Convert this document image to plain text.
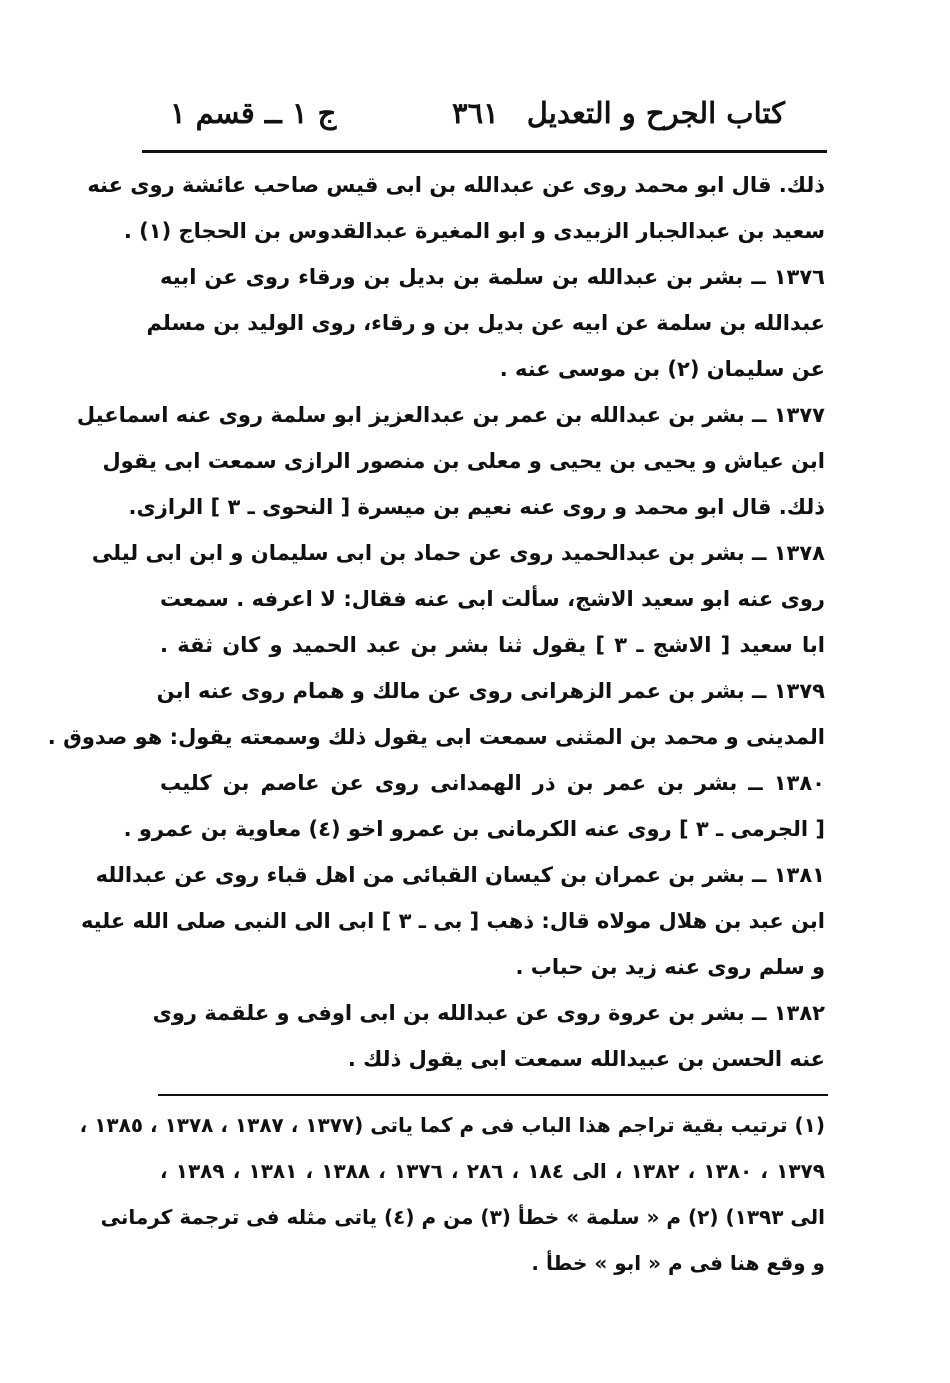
كتاب الجرح و التعديل
٣٦١
ج ١ ــ قسم ١
ذلك. قال ابو محمد روى عن عبدالله بن ابى قيس صاحب عائشة روى عنه
سعيد بن عبدالجبار الزبيدى و ابو المغيرة عبدالقدوس بن الحجاج (١) .
١٣٧٦ ــ بشر بن عبدالله بن سلمة بن بديل بن ورقاء روى عن ابيه
عبدالله بن سلمة عن ابيه عن بديل بن و رقاء، روى الوليد بن مسلم
عن سليمان (٢) بن موسى عنه .
١٣٧٧ ــ بشر بن عبدالله بن عمر بن عبدالعزيز ابو سلمة روى عنه اسماعيل
ابن عياش و يحيى بن يحيى و معلى بن منصور الرازى سمعت ابى يقول
ذلك. قال ابو محمد و روى عنه نعيم بن ميسرة [ النحوى ـ ٣ ] الرازى.
١٣٧٨ ــ بشر بن عبدالحميد روى عن حماد بن ابى سليمان و ابن ابى ليلى
روى عنه ابو سعيد الاشج، سألت ابى عنه فقال: لا اعرفه . سمعت
ابا سعيد [ الاشج ـ ٣ ] يقول ثنا بشر بن عبد الحميد و كان ثقة .
١٣٧٩ ــ بشر بن عمر الزهرانى روى عن مالك و همام روى عنه ابن
المدينى و محمد بن المثنى سمعت ابى يقول ذلك وسمعته يقول: هو صدوق .
١٣٨٠ ــ بشر بن عمر بن ذر الهمدانى روى عن عاصم بن كليب
[ الجرمى ـ ٣ ] روى عنه الكرمانى بن عمرو اخو (٤) معاوية بن عمرو .
١٣٨١ ــ بشر بن عمران بن كيسان القبائى من اهل قباء روى عن عبدالله
ابن عبد بن هلال مولاه قال: ذهب [ بى ـ ٣ ] ابى الى النبى صلى الله عليه
و سلم روى عنه زيد بن حباب .
١٣٨٢ ــ بشر بن عروة روى عن عبدالله بن ابى اوفى و علقمة روى
عنه الحسن بن عبيدالله سمعت ابى يقول ذلك .
(١) ترتيب بقية تراجم هذا الباب فى م كما ياتى (١٣٧٧ ، ١٣٨٧ ، ١٣٧٨ ، ١٣٨٥ ،
١٣٧٩ ، ١٣٨٠ ، ١٣٨٢ ، الى ١٨٤ ، ٢٨٦ ، ١٣٧٦ ، ١٣٨٨ ، ١٣٨١ ، ١٣٨٩ ،
الى ١٣٩٣) (٢) م « سلمة » خطأ (٣) من م (٤) ياتى مثله فى ترجمة كرمانى
و وقع هنا فى م « ابو » خطأ .
